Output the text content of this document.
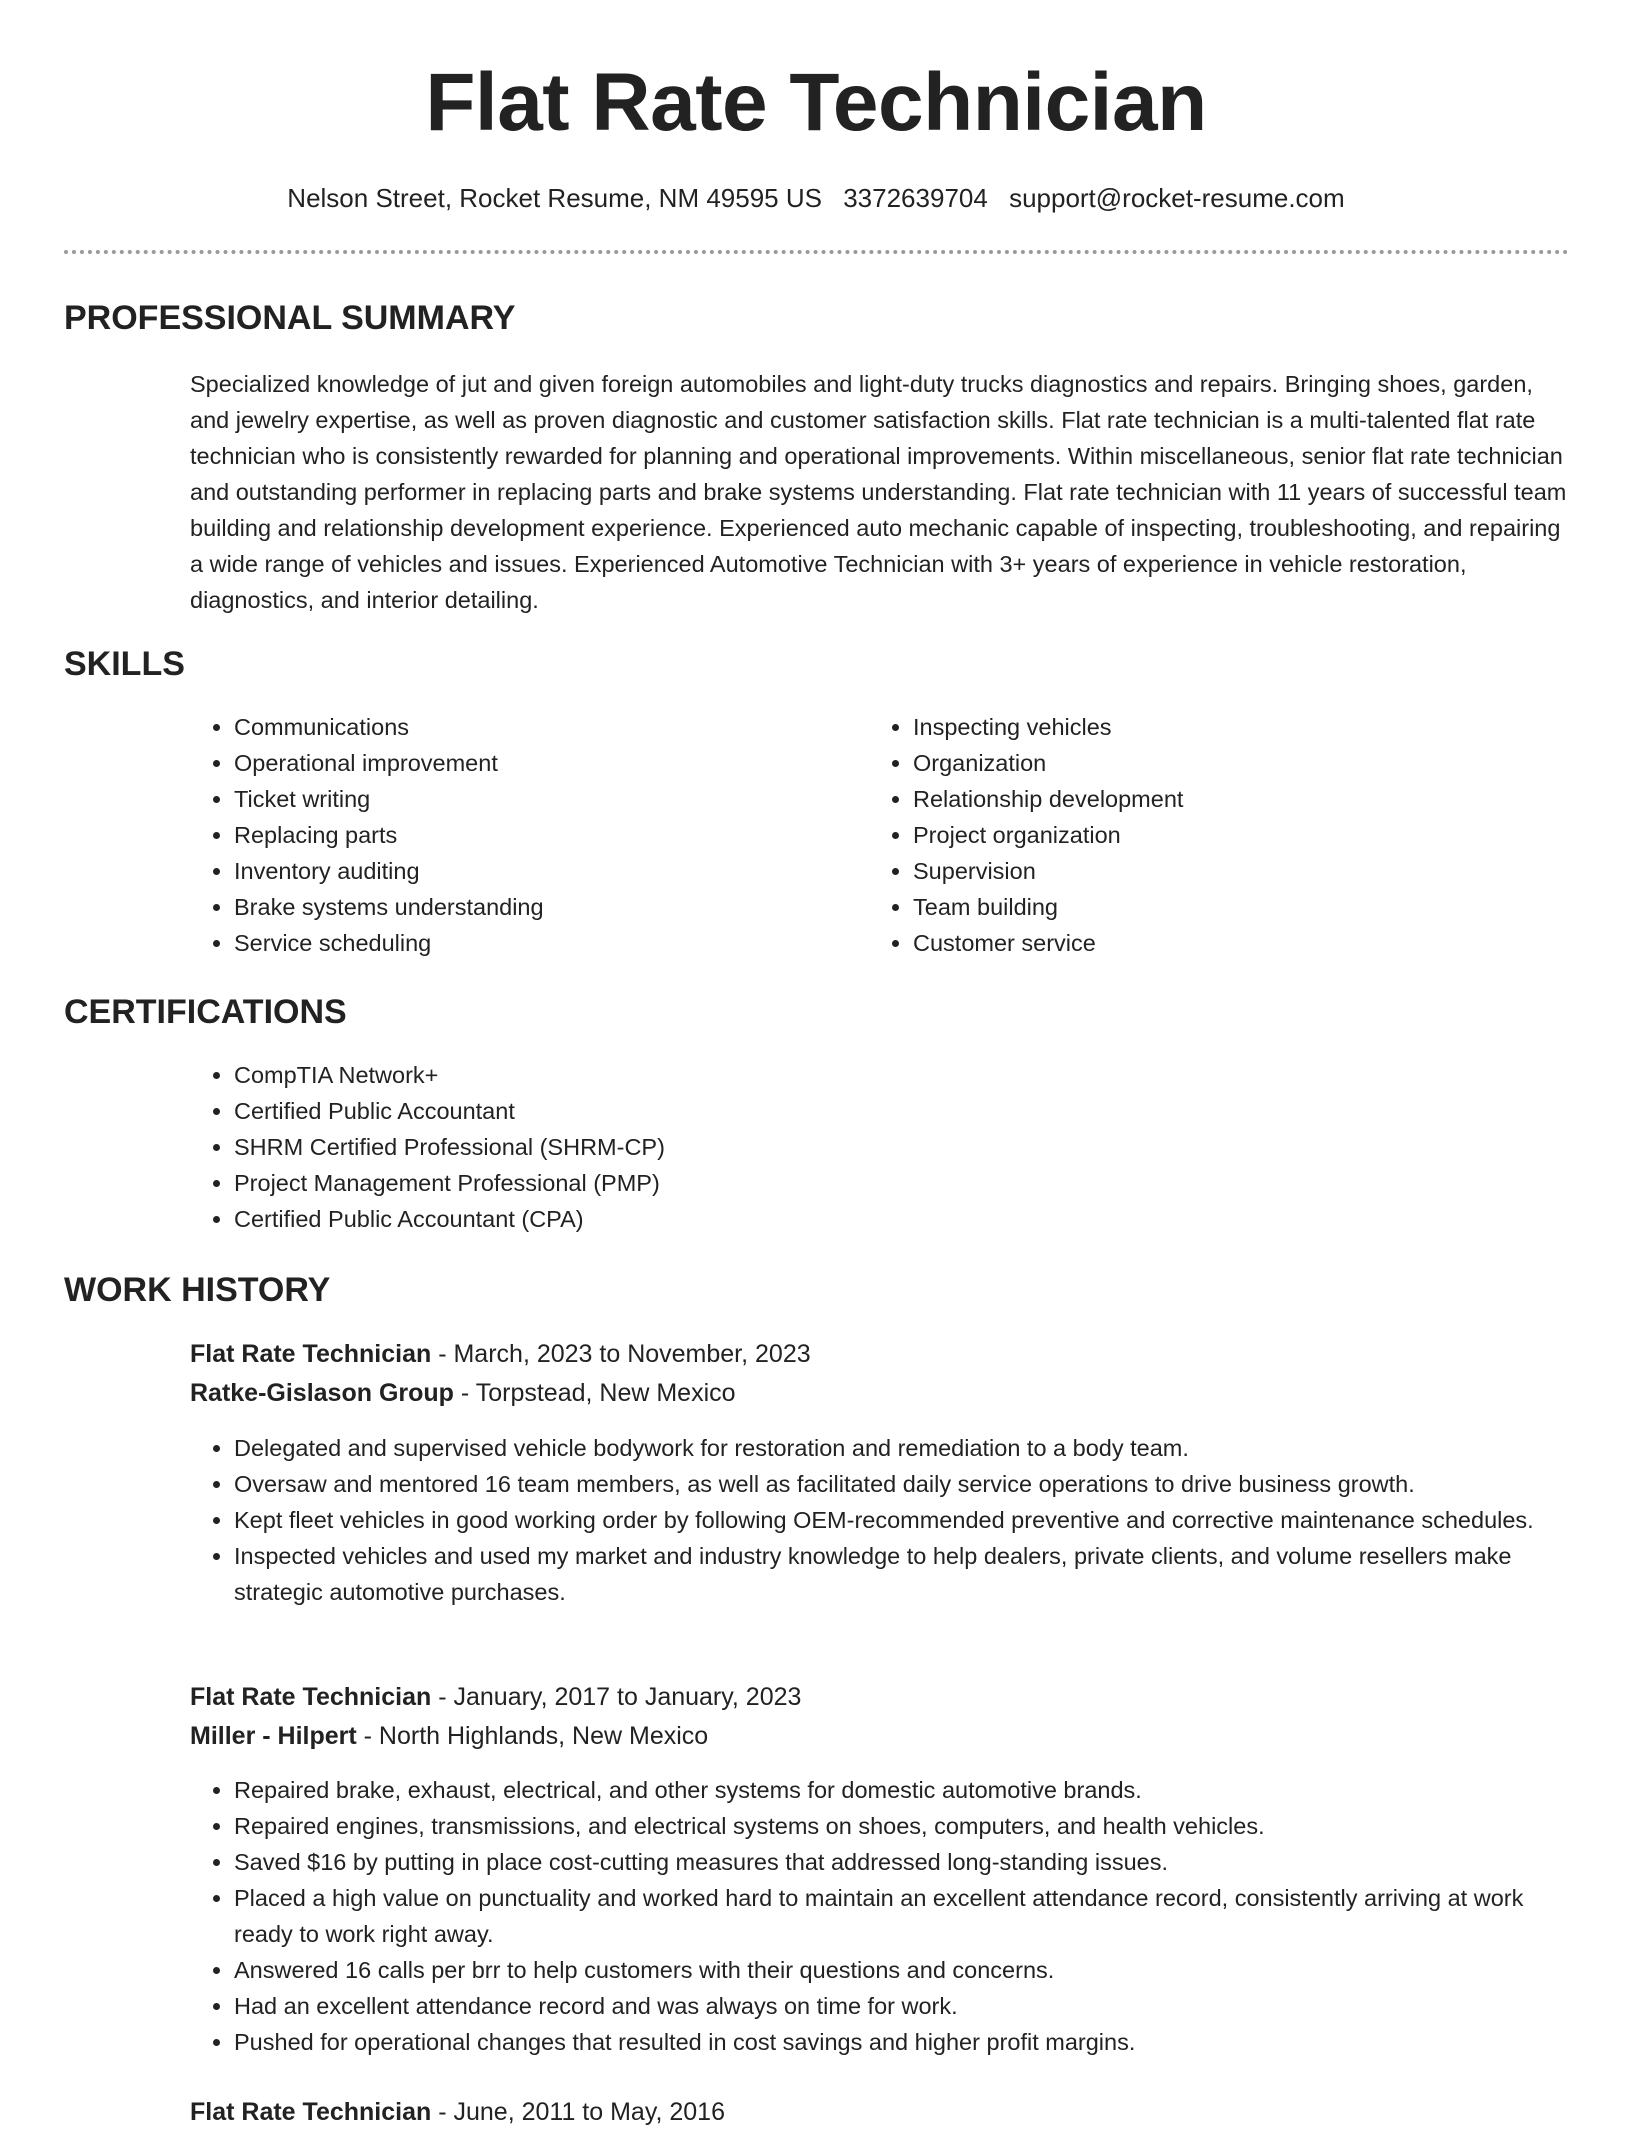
Flat Rate Technician
Nelson Street, Rocket Resume, NM 49595 US 3372639704 support@rocket-resume.com
PROFESSIONAL SUMMARY

Specialized knowledge of jut and given foreign automobiles and light-duty trucks diagnostics and repairs. Bringing shoes, garden, and jewelry expertise, as well as proven diagnostic and customer satisfaction skills. Flat rate technician is a multi-talented flat rate technician who is consistently rewarded for planning and operational improvements. Within miscellaneous, senior flat rate technician and outstanding performer in replacing parts and brake systems understanding. Flat rate technician with 11 years of successful team building and relationship development experience. Experienced auto mechanic capable of inspecting, troubleshooting, and repairing a wide range of vehicles and issues. Experienced Automotive Technician with 3+ years of experience in vehicle restoration, diagnostics, and interior detailing.

SKILLS
• Communications
• Operational improvement
• Ticket writing
• Replacing parts
• Inventory auditing
• Brake systems understanding
• Service scheduling
• Inspecting vehicles
• Organization
• Relationship development
• Project organization
• Supervision
• Team building
• Customer service
CERTIFICATIONS
• CompTIA Network+
• Certified Public Accountant
• SHRM Certified Professional (SHRM-CP)
• Project Management Professional (PMP)
• Certified Public Accountant (CPA)
WORK HISTORY

Flat Rate Technician - March, 2023 to November, 2023

Ratke-Gislason Group - Torpstead, New Mexico

• Delegated and supervised vehicle bodywork for restoration and remediation to a body team.
• Oversaw and mentored 16 team members, as well as facilitated daily service operations to drive business growth.
• Kept fleet vehicles in good working order by following OEM-recommended preventive and corrective maintenance schedules.
• Inspected vehicles and used my market and industry knowledge to help dealers, private clients, and volume resellers make strategic automotive purchases.

Flat Rate Technician - January, 2017 to January, 2023

Miller - Hilpert - North Highlands, New Mexico

• Repaired brake, exhaust, electrical, and other systems for domestic automotive brands.
• Repaired engines, transmissions, and electrical systems on shoes, computers, and health vehicles.
• Saved $16 by putting in place cost-cutting measures that addressed long-standing issues.
• Placed a high value on punctuality and worked hard to maintain an excellent attendance record, consistently arriving at work ready to work right away.
• Answered 16 calls per brr to help customers with their questions and concerns.
• Had an excellent attendance record and was always on time for work.
• Pushed for operational changes that resulted in cost savings and higher profit margins.

Flat Rate Technician - June, 2011 to May, 2016
